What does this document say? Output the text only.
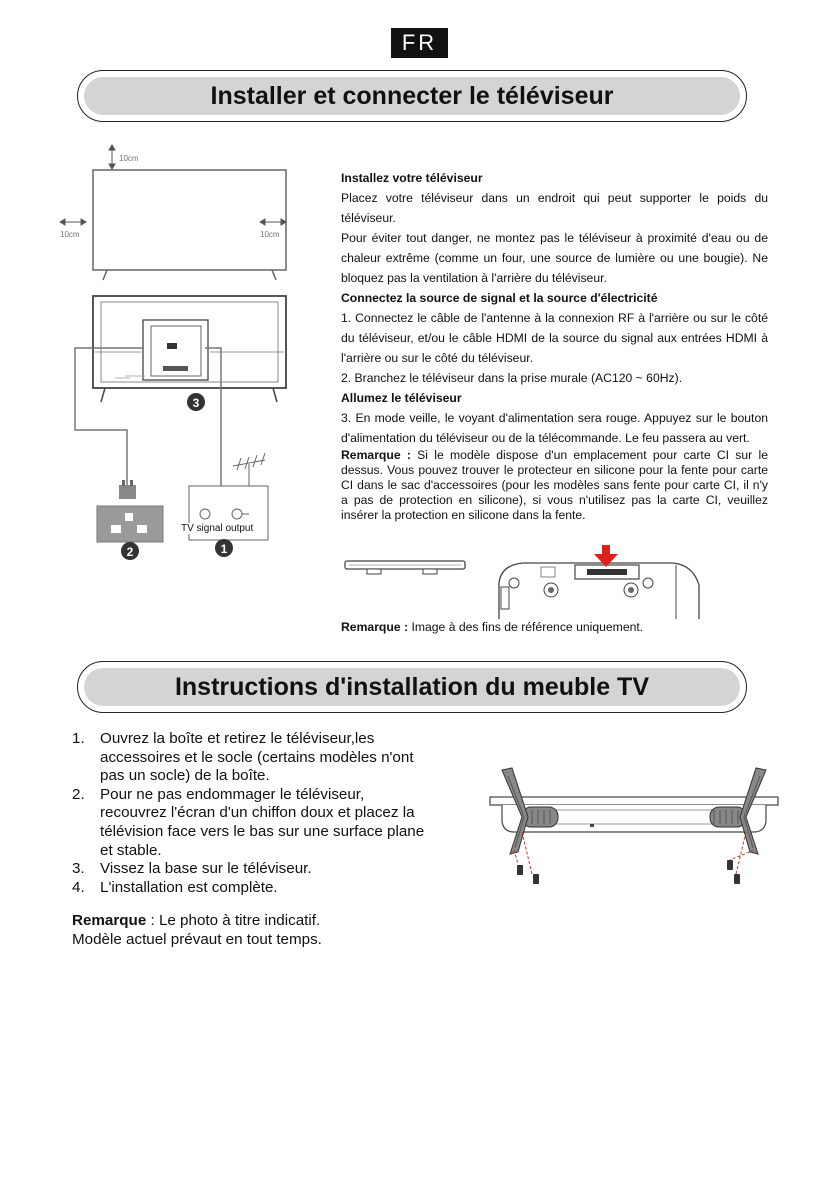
FR
Installer et connecter le téléviseur
10cm
10cm	10cm
3
2	1
TV signal output
Installez votre téléviseur
Placez votre téléviseur dans un endroit qui peut supporter le poids du téléviseur.
Pour éviter tout danger, ne montez pas le téléviseur à proximité d'eau ou de chaleur extrême (comme un four, une source de lumière ou une bougie). Ne bloquez pas la ventilation à l'arrière du téléviseur.
Connectez la source de signal et la source d'électricité
1. Connectez le câble de l'antenne à la connexion RF à l'arrière ou sur le côté du téléviseur, et/ou le câble HDMI de la source du signal aux entrées HDMI à l'arrière ou sur le côté du téléviseur.
2. Branchez le téléviseur dans la prise murale (AC120 ~ 60Hz).
Allumez le téléviseur
3. En mode veille, le voyant d'alimentation sera rouge. Appuyez sur le bouton d'alimentation du téléviseur ou de la télécommande. Le feu passera au vert.
Remarque : Si le modèle dispose d'un emplacement pour carte CI sur le dessus. Vous pouvez trouver le protecteur en silicone pour la fente pour carte CI dans le sac d'accessoires (pour les modèles sans fente pour carte CI, il n'y a pas de protection en silicone), si vous n'utilisez pas la carte CI, veuillez insérer la protection en silicone dans la fente.
Remarque : Image à des fins de référence uniquement.
Instructions d'installation du meuble TV
1.	Ouvrez la boîte et retirez le téléviseur,les accessoires et le socle (certains modèles n'ont pas un socle) de la boîte.
2.	Pour ne pas endommager le téléviseur, recouvrez l'écran d'un chiffon doux et placez la télévision face vers le bas sur une surface plane et stable.
3.	Vissez la base sur le téléviseur.
4.	L'installation est complète.
Remarque : Le photo à titre indicatif.
Modèle actuel prévaut en tout temps.
